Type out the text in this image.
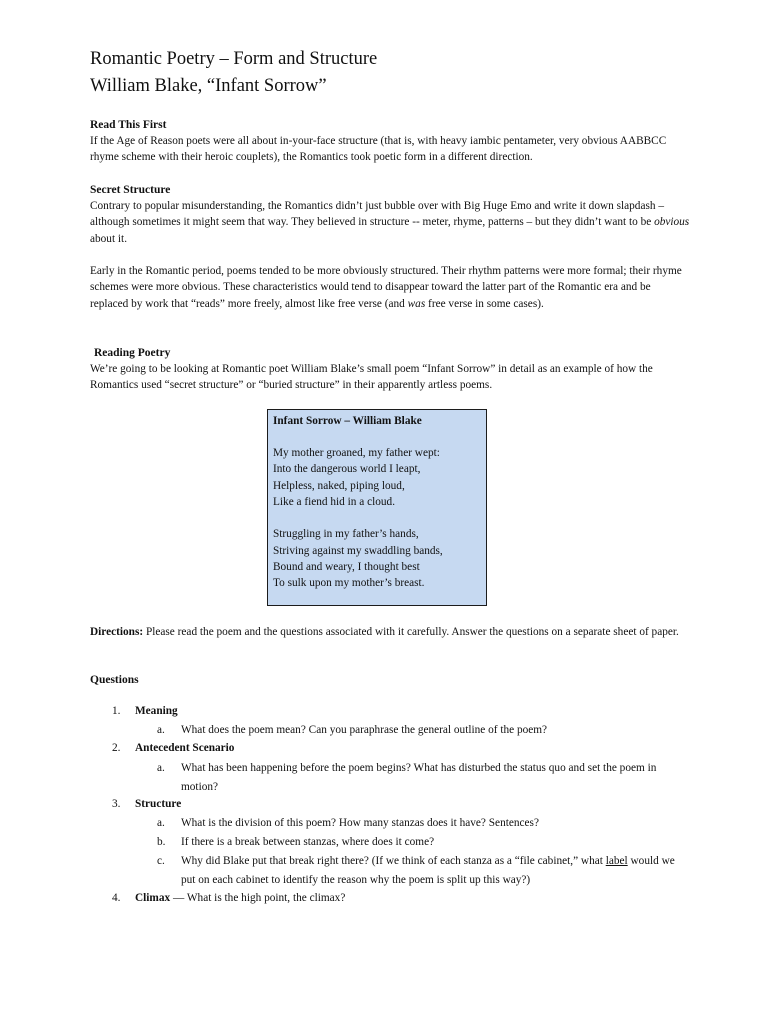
Romantic Poetry – Form and Structure
William Blake, “Infant Sorrow”
Read This First
If the Age of Reason poets were all about in-your-face structure (that is, with heavy iambic pentameter, very obvious AABBCC rhyme scheme with their heroic couplets), the Romantics took poetic form in a different direction.
Secret Structure
Contrary to popular misunderstanding, the Romantics didn’t just bubble over with Big Huge Emo and write it down slapdash – although sometimes it might seem that way. They believed in structure -- meter, rhyme, patterns – but they didn’t want to be obvious about it.
Early in the Romantic period, poems tended to be more obviously structured. Their rhythm patterns were more formal; their rhyme schemes were more obvious. These characteristics would tend to disappear toward the latter part of the Romantic era and be replaced by work that “reads” more freely, almost like free verse (and was free verse in some cases).
Reading Poetry
We’re going to be looking at Romantic poet William Blake’s small poem “Infant Sorrow” in detail as an example of how the Romantics used “secret structure” or “buried structure” in their apparently artless poems.
Infant Sorrow – William Blake
My mother groaned, my father wept:
Into the dangerous world I leapt,
Helpless, naked, piping loud,
Like a fiend hid in a cloud.
Struggling in my father’s hands,
Striving against my swaddling bands,
Bound and weary, I thought best
To sulk upon my mother’s breast.
Directions: Please read the poem and the questions associated with it carefully. Answer the questions on a separate sheet of paper.
Questions
1. Meaning
a. What does the poem mean? Can you paraphrase the general outline of the poem?
2. Antecedent Scenario
a. What has been happening before the poem begins? What has disturbed the status quo and set the poem in motion?
3. Structure
a. What is the division of this poem? How many stanzas does it have? Sentences?
b. If there is a break between stanzas, where does it come?
c. Why did Blake put that break right there? (If we think of each stanza as a “file cabinet,” what label would we put on each cabinet to identify the reason why the poem is split up this way?)
4. Climax — What is the high point, the climax?
